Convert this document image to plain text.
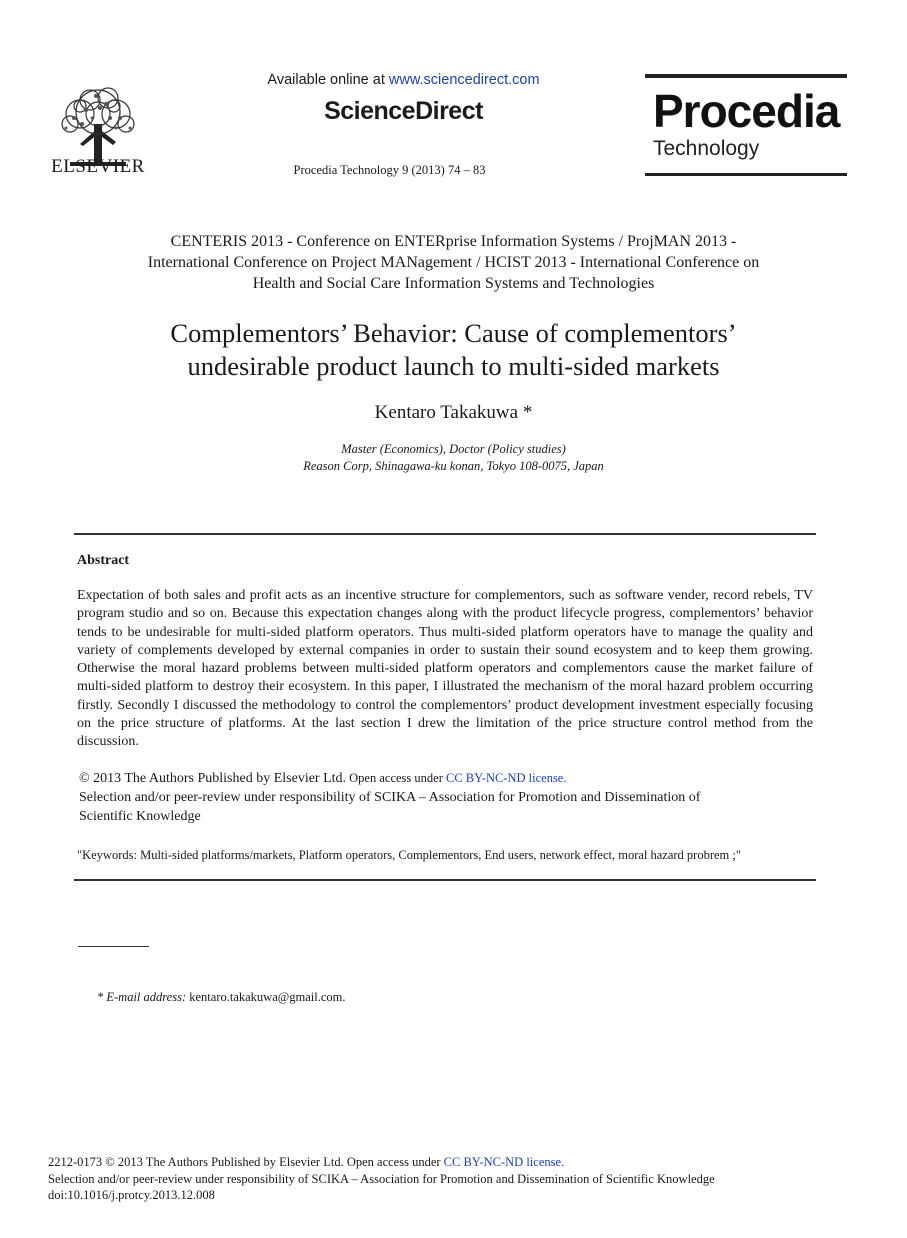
ELSEVIER
Available online at www.sciencedirect.com
ScienceDirect
Procedia Technology 9 (2013) 74 – 83
Procedia
Technology
CENTERIS 2013 - Conference on ENTERprise Information Systems / ProjMAN 2013 -
International Conference on Project MANagement / HCIST 2013 - International Conference on
Health and Social Care Information Systems and Technologies
Complementors’ Behavior: Cause of complementors’
undesirable product launch to multi-sided markets
Kentaro Takakuwa *
Master (Economics), Doctor (Policy studies)
Reason Corp, Shinagawa-ku konan, Tokyo 108-0075, Japan
Abstract
Expectation of both sales and profit acts as an incentive structure for complementors, such as software vender, record rebels, TV program studio and so on. Because this expectation changes along with the product lifecycle progress, complementors’ behavior tends to be undesirable for multi-sided platform operators. Thus multi-sided platform operators have to manage the quality and variety of complements developed by external companies in order to sustain their sound ecosystem and to keep them growing. Otherwise the moral hazard problems between multi-sided platform operators and complementors cause the market failure of multi-sided platform to destroy their ecosystem. In this paper, I illustrated the mechanism of the moral hazard problem occurring firstly. Secondly I discussed the methodology to control the complementors’ product development investment especially focusing on the price structure of platforms. At the last section I drew the limitation of the price structure control method from the discussion.
© 2013 The Authors Published by Elsevier Ltd. Open access under CC BY-NC-ND license.
Selection and/or peer-review under responsibility of SCIKA – Association for Promotion and Dissemination of
Scientific Knowledge
"Keywords: Multi-sided platforms/markets, Platform operators, Complementors, End users, network effect, moral hazard probrem ;"
* E-mail address: kentaro.takakuwa@gmail.com.
2212-0173 © 2013 The Authors Published by Elsevier Ltd. Open access under CC BY-NC-ND license.
Selection and/or peer-review under responsibility of SCIKA – Association for Promotion and Dissemination of Scientific Knowledge
doi:10.1016/j.protcy.2013.12.008
